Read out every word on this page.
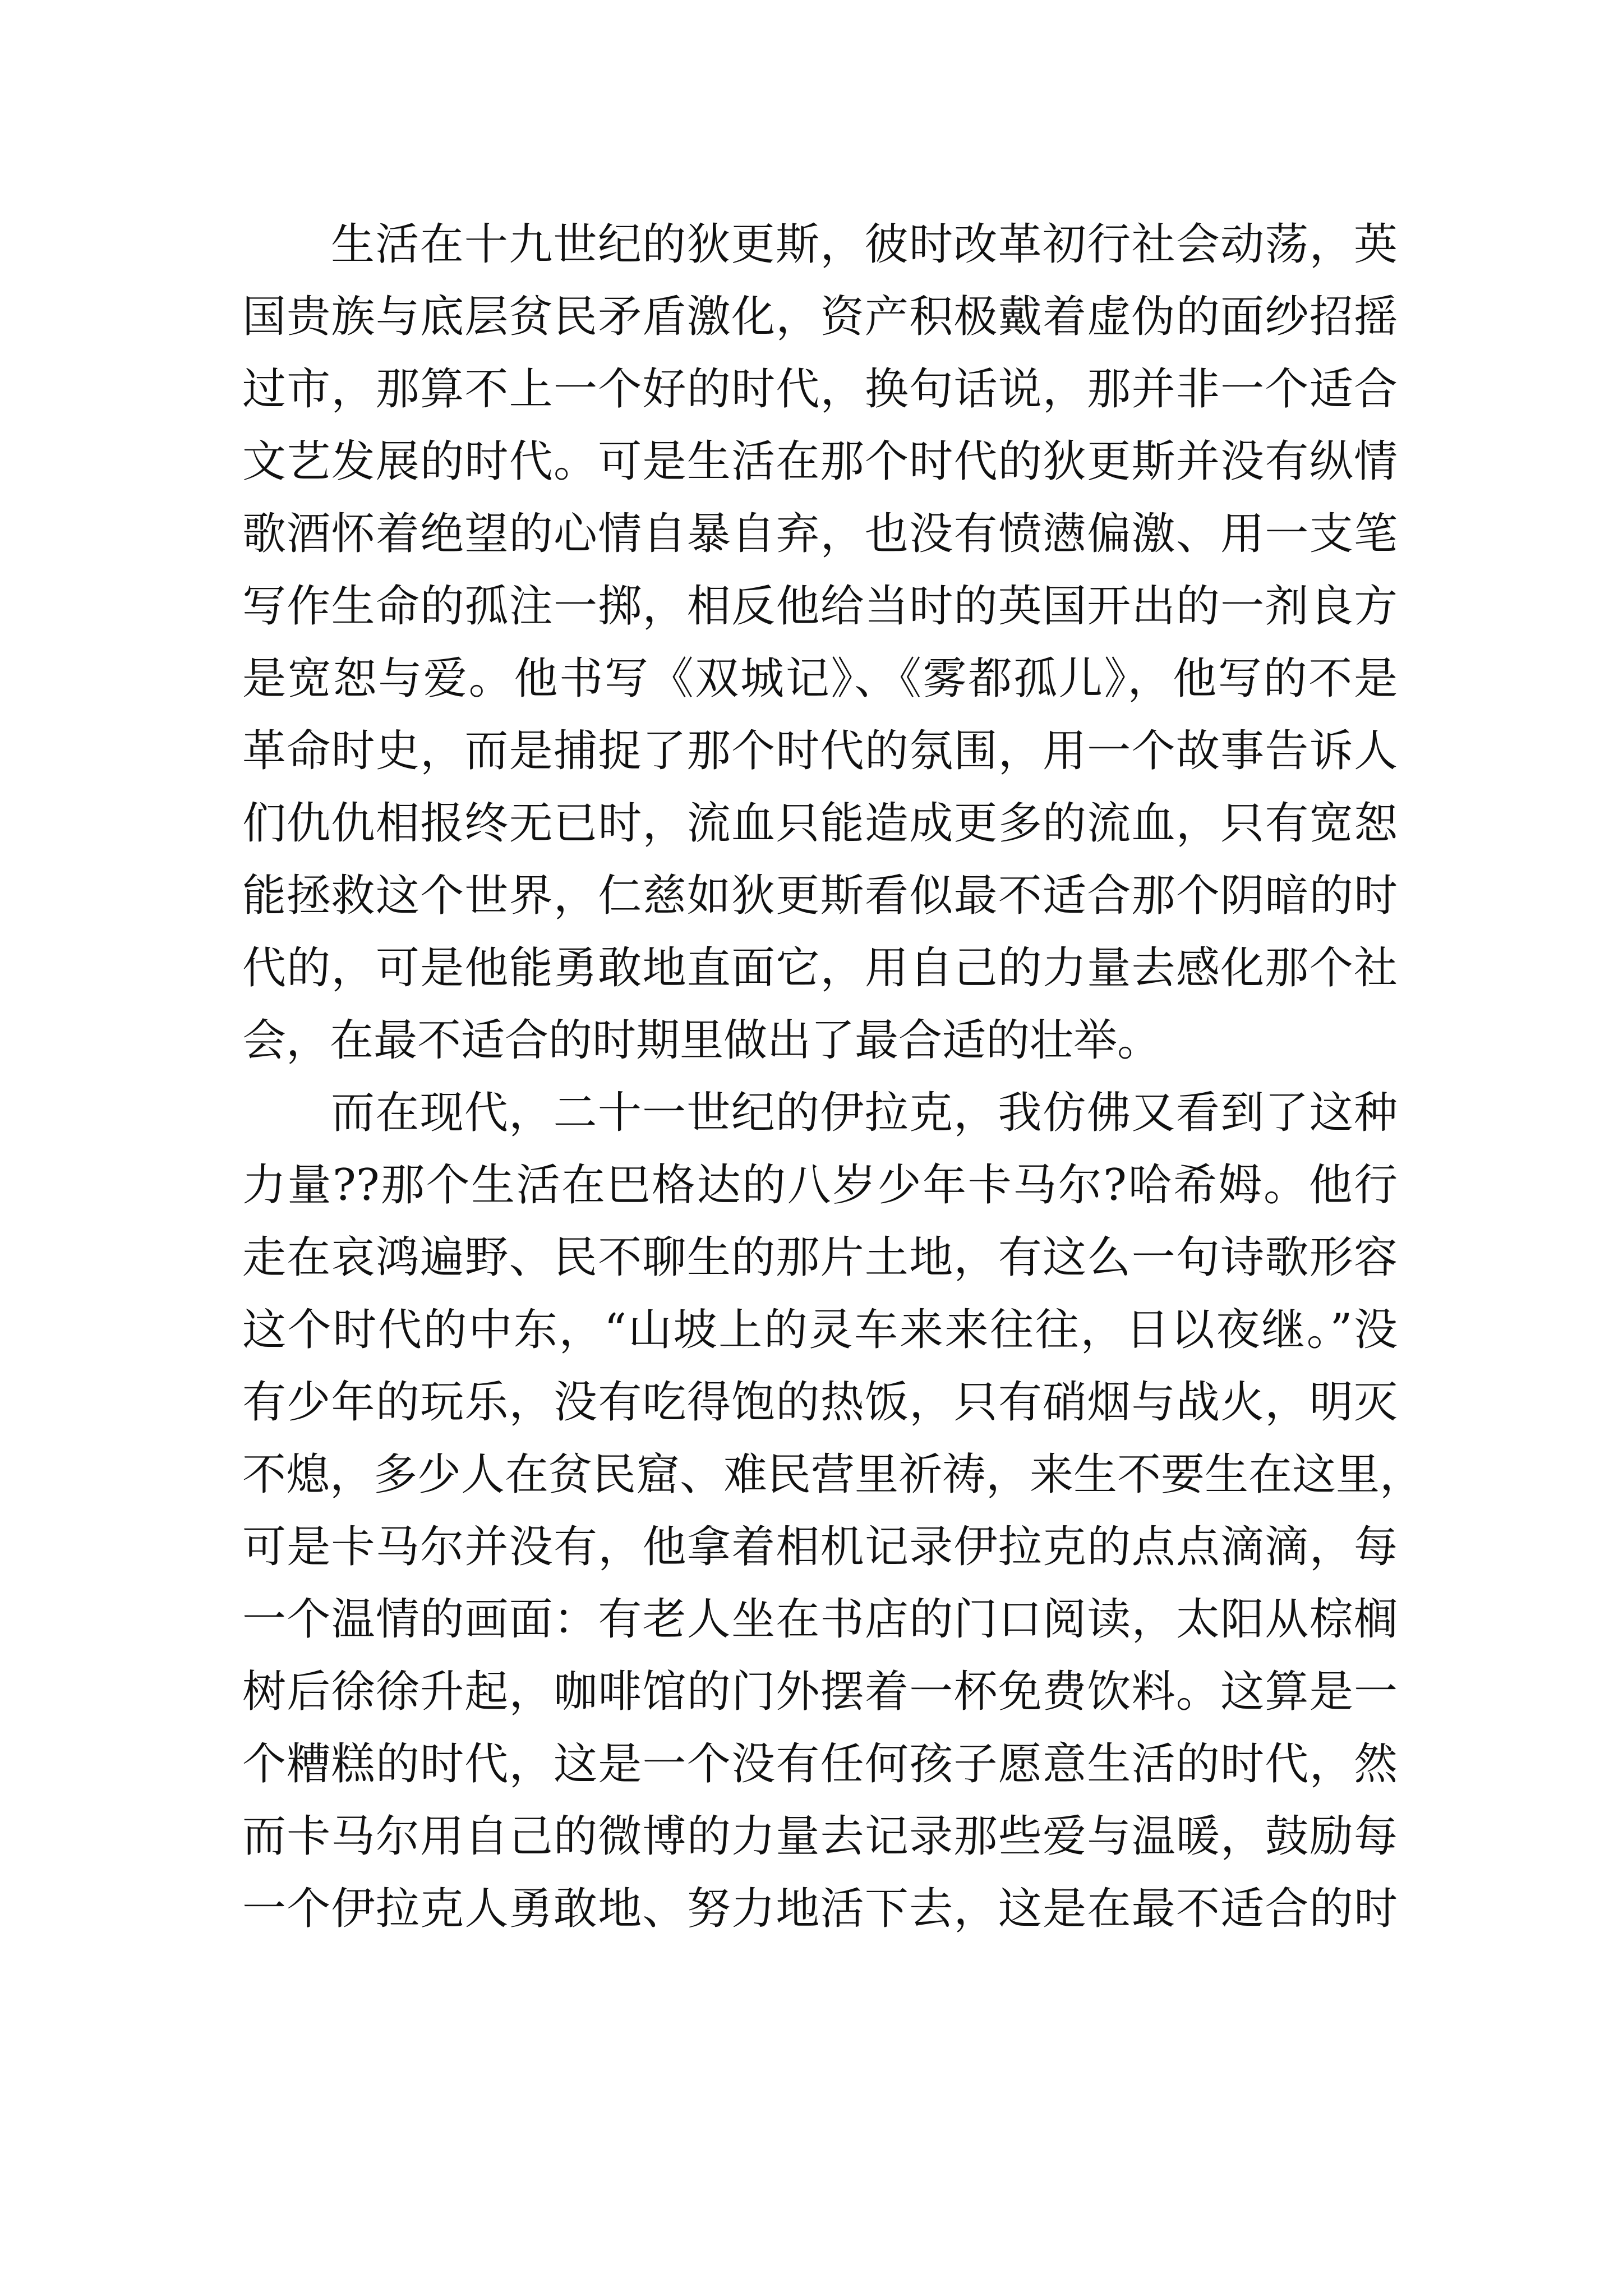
生活在十九世纪的狄更斯，彼时改革初行社会动荡，英
国贵族与底层贫民矛盾激化，资产积极戴着虚伪的面纱招摇
过市，那算不上一个好的时代，换句话说，那并非一个适合
文艺发展的时代。可是生活在那个时代的狄更斯并没有纵情
歌酒怀着绝望的心情自暴自弃，也没有愤懑偏激、用一支笔
写作生命的孤注一掷，相反他给当时的英国开出的一剂良方
是宽恕与爱。他书写《双城记》、《雾都孤儿》，他写的不是
革命时史，而是捕捉了那个时代的氛围，用一个故事告诉人
们仇仇相报终无已时，流血只能造成更多的流血，只有宽恕
能拯救这个世界，仁慈如狄更斯看似最不适合那个阴暗的时
代的，可是他能勇敢地直面它，用自己的力量去感化那个社
会，在最不适合的时期里做出了最合适的壮举。
而在现代，二十一世纪的伊拉克，我仿佛又看到了这种
力量??那个生活在巴格达的八岁少年卡马尔?哈希姆。他行
走在哀鸿遍野、民不聊生的那片土地，有这么一句诗歌形容
这个时代的中东，“山坡上的灵车来来往往，日以夜继。”没
有少年的玩乐，没有吃得饱的热饭，只有硝烟与战火，明灭
不熄，多少人在贫民窟、难民营里祈祷，来生不要生在这里，
可是卡马尔并没有，他拿着相机记录伊拉克的点点滴滴，每
一个温情的画面：有老人坐在书店的门口阅读，太阳从棕榈
树后徐徐升起，咖啡馆的门外摆着一杯免费饮料。这算是一
个糟糕的时代，这是一个没有任何孩子愿意生活的时代，然
而卡马尔用自己的微博的力量去记录那些爱与温暖，鼓励每
一个伊拉克人勇敢地、努力地活下去，这是在最不适合的时
